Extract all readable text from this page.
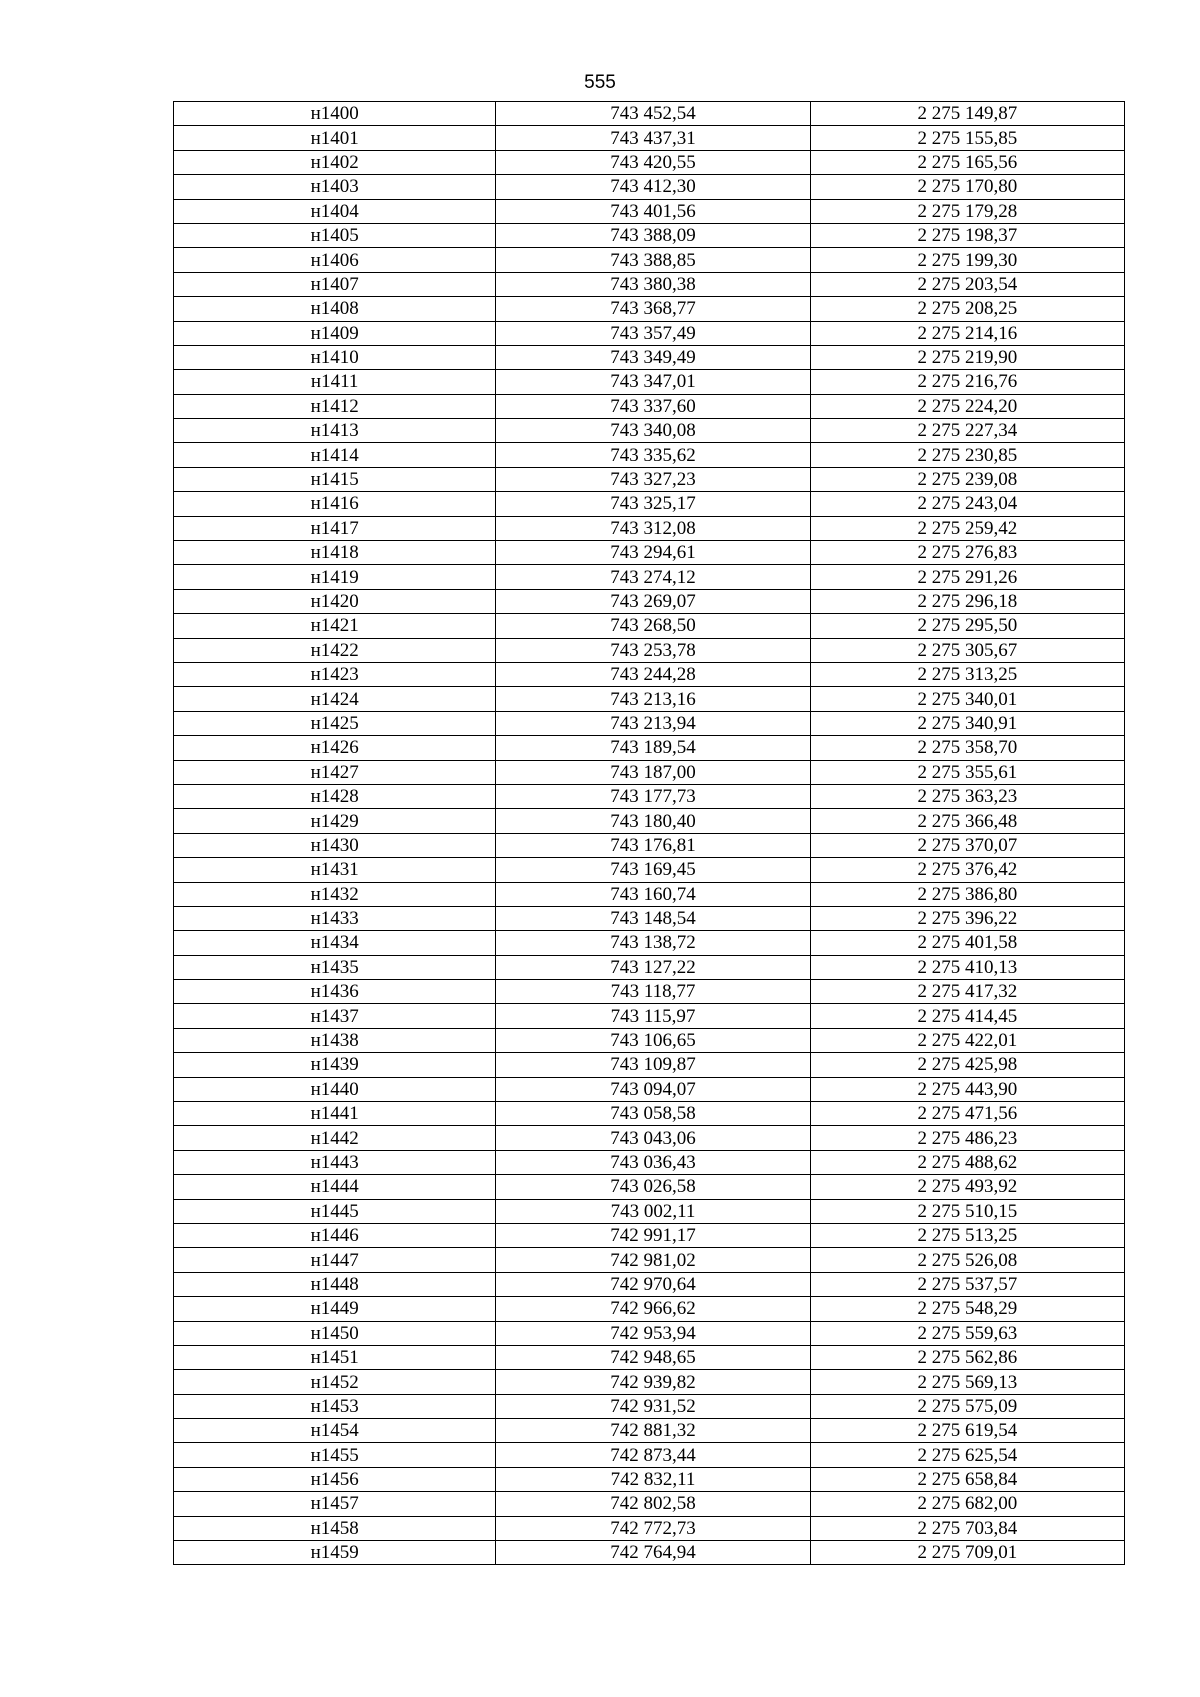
555
н1400	743 452,54	2 275 149,87
н1401	743 437,31	2 275 155,85
н1402	743 420,55	2 275 165,56
н1403	743 412,30	2 275 170,80
н1404	743 401,56	2 275 179,28
н1405	743 388,09	2 275 198,37
н1406	743 388,85	2 275 199,30
н1407	743 380,38	2 275 203,54
н1408	743 368,77	2 275 208,25
н1409	743 357,49	2 275 214,16
н1410	743 349,49	2 275 219,90
н1411	743 347,01	2 275 216,76
н1412	743 337,60	2 275 224,20
н1413	743 340,08	2 275 227,34
н1414	743 335,62	2 275 230,85
н1415	743 327,23	2 275 239,08
н1416	743 325,17	2 275 243,04
н1417	743 312,08	2 275 259,42
н1418	743 294,61	2 275 276,83
н1419	743 274,12	2 275 291,26
н1420	743 269,07	2 275 296,18
н1421	743 268,50	2 275 295,50
н1422	743 253,78	2 275 305,67
н1423	743 244,28	2 275 313,25
н1424	743 213,16	2 275 340,01
н1425	743 213,94	2 275 340,91
н1426	743 189,54	2 275 358,70
н1427	743 187,00	2 275 355,61
н1428	743 177,73	2 275 363,23
н1429	743 180,40	2 275 366,48
н1430	743 176,81	2 275 370,07
н1431	743 169,45	2 275 376,42
н1432	743 160,74	2 275 386,80
н1433	743 148,54	2 275 396,22
н1434	743 138,72	2 275 401,58
н1435	743 127,22	2 275 410,13
н1436	743 118,77	2 275 417,32
н1437	743 115,97	2 275 414,45
н1438	743 106,65	2 275 422,01
н1439	743 109,87	2 275 425,98
н1440	743 094,07	2 275 443,90
н1441	743 058,58	2 275 471,56
н1442	743 043,06	2 275 486,23
н1443	743 036,43	2 275 488,62
н1444	743 026,58	2 275 493,92
н1445	743 002,11	2 275 510,15
н1446	742 991,17	2 275 513,25
н1447	742 981,02	2 275 526,08
н1448	742 970,64	2 275 537,57
н1449	742 966,62	2 275 548,29
н1450	742 953,94	2 275 559,63
н1451	742 948,65	2 275 562,86
н1452	742 939,82	2 275 569,13
н1453	742 931,52	2 275 575,09
н1454	742 881,32	2 275 619,54
н1455	742 873,44	2 275 625,54
н1456	742 832,11	2 275 658,84
н1457	742 802,58	2 275 682,00
н1458	742 772,73	2 275 703,84
н1459	742 764,94	2 275 709,01
